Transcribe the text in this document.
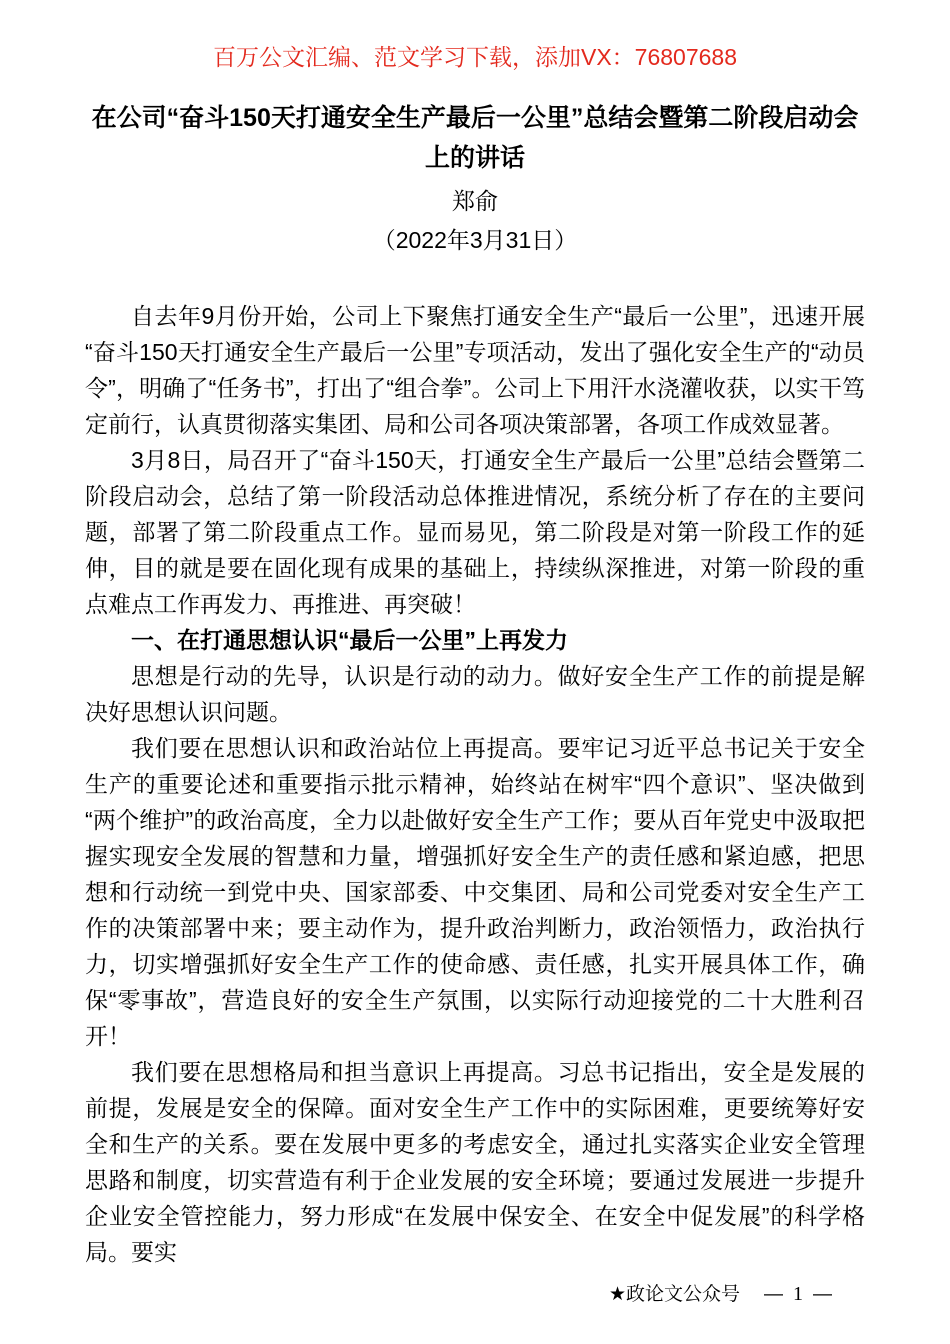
百万公文汇编、范文学习下载，添加VX：76807688
在公司“奋斗150天打通安全生产最后一公里”总结会暨第二阶段启动会上的讲话
郑俞
（2022年3月31日）

自去年9月份开始，公司上下聚焦打通安全生产“最后一公里”，迅速开展“奋斗150天打通安全生产最后一公里”专项活动，发出了强化安全生产的“动员令”，明确了“任务书”，打出了“组合拳”。公司上下用汗水浇灌收获，以实干笃定前行，认真贯彻落实集团、局和公司各项决策部署，各项工作成效显著。

3月8日，局召开了“奋斗150天，打通安全生产最后一公里”总结会暨第二阶段启动会，总结了第一阶段活动总体推进情况，系统分析了存在的主要问题，部署了第二阶段重点工作。显而易见，第二阶段是对第一阶段工作的延伸，目的就是要在固化现有成果的基础上，持续纵深推进，对第一阶段的重点难点工作再发力、再推进、再突破！

一、在打通思想认识“最后一公里”上再发力

思想是行动的先导，认识是行动的动力。做好安全生产工作的前提是解决好思想认识问题。

我们要在思想认识和政治站位上再提高。要牢记习近平总书记关于安全生产的重要论述和重要指示批示精神，始终站在树牢“四个意识”、坚决做到“两个维护”的政治高度，全力以赴做好安全生产工作；要从百年党史中汲取把握实现安全发展的智慧和力量，增强抓好安全生产的责任感和紧迫感，把思想和行动统一到党中央、国家部委、中交集团、局和公司党委对安全生产工作的决策部署中来；要主动作为，提升政治判断力，政治领悟力，政治执行力，切实增强抓好安全生产工作的使命感、责任感，扎实开展具体工作，确保“零事故”，营造良好的安全生产氛围，以实际行动迎接党的二十大胜利召开！

我们要在思想格局和担当意识上再提高。习总书记指出，安全是发展的前提，发展是安全的保障。面对安全生产工作中的实际困难，更要统筹好安全和生产的关系。要在发展中更多的考虑安全，通过扎实落实企业安全管理思路和制度，切实营造有利于企业发展的安全环境；要通过发展进一步提升企业安全管控能力，努力形成“在发展中保安全、在安全中促发展”的科学格局。要实

★政论文公众号 — 1 —
